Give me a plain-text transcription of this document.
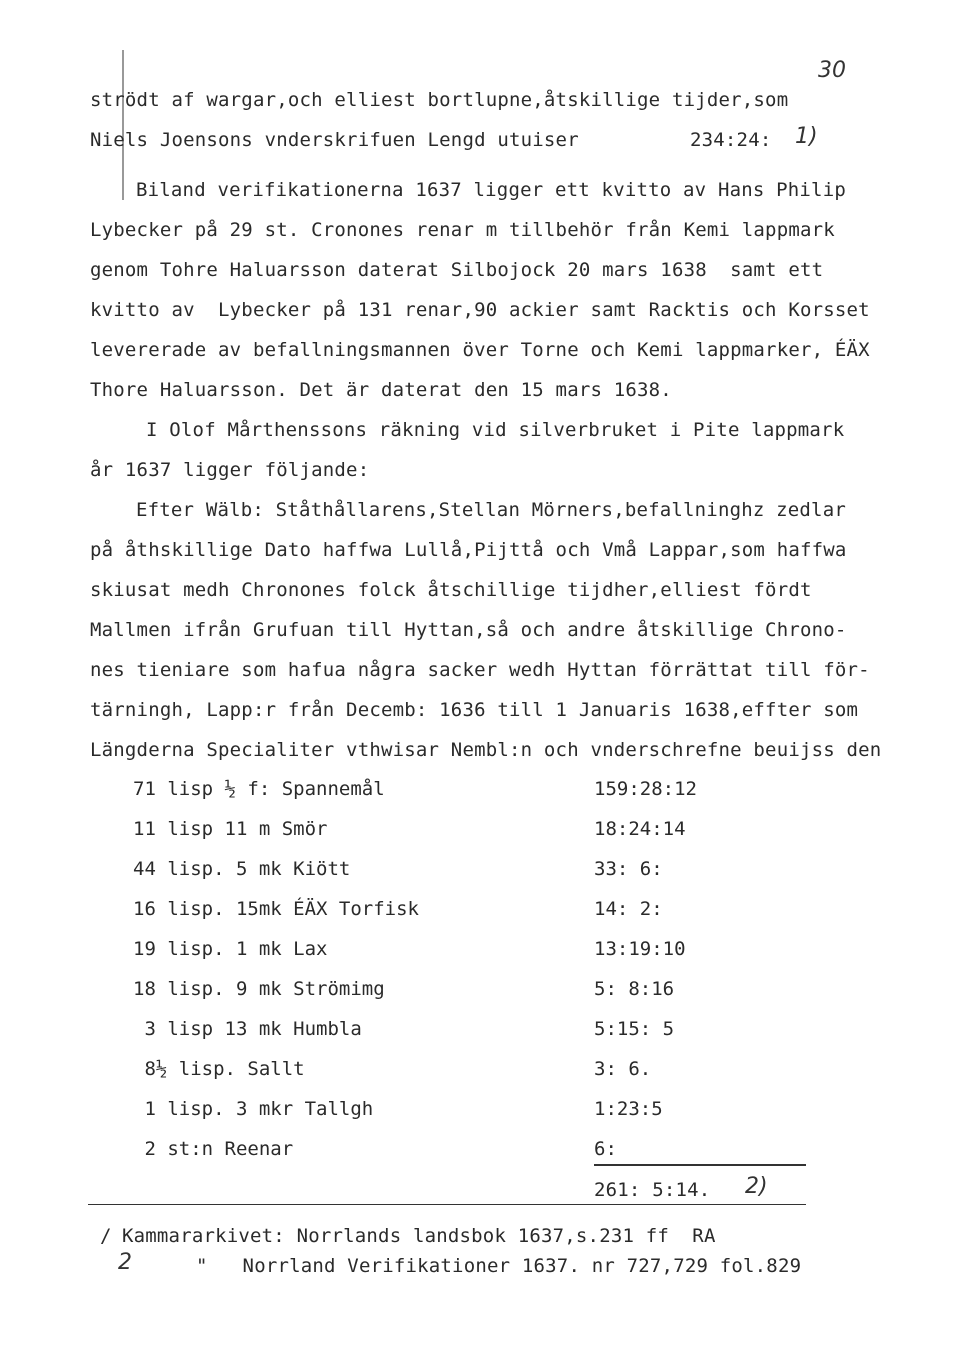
30
strödt af wargar,och elliest bortlupne,åtskillige tijder,som
Niels Joensons vnderskrifuen Lengd utuiser	234:24: 1)
Biland verifikationerna 1637 ligger ett kvitto av Hans Philip
Lybecker på 29 st. Cronones renar m tillbehör från Kemi lappmark
genom Tohre Haluarsson daterat Silbojock 20 mars 1638  samt ett
kvitto av  Lybecker på 131 renar,90 ackier samt Racktis och Korsset
levererade av befallningsmannen över Torne och Kemi lappmarker, ÉÄX
Thore Haluarsson. Det är daterat den 15 mars 1638.
I Olof Mårthenssons räkning vid silverbruket i Pite lappmark
år 1637 ligger följande:
Efter Wälb: Ståthållarens,Stellan Mörners,befallninghz zedlar
på åthskillige Dato haffwa Lullå,Pijttå och Vmå Lappar,som haffwa
skiusat medh Chronones folck åtschillige tijdher,elliest fördt
Mallmen ifrån Grufuan till Hyttan,så och andre åtskillige Chrono-
nes tieniare som hafua några sacker wedh Hyttan förrättat till för-
tärningh, Lapp:r från Decemb: 1636 till 1 Januaris 1638,effter som
Längderna Specialiter vthwisar Nembl:n och vnderschrefne beuijss den
71 lisp ½ f: Spannemål	159:28:12
11 lisp 11 m Smör	18:24:14
44 lisp. 5 mk Kiött	33: 6:
16 lisp. 15mk ÉÄX Torfisk	14: 2:
19 lisp. 1 mk Lax	13:19:10
18 lisp. 9 mk Strömimg	5: 8:16
3 lisp 13 mk Humbla	5:15: 5
8½ lisp. Sallt	3: 6.
1 lisp. 3 mkr Tallgh	1:23:5
2 st:n Reenar	6:
261: 5:14. 2)
/ Kammararkivet: Norrlands landsbok 1637,s.231 ff  RA
2	"   Norrland Verifikationer 1637. nr 727,729 fol.829
